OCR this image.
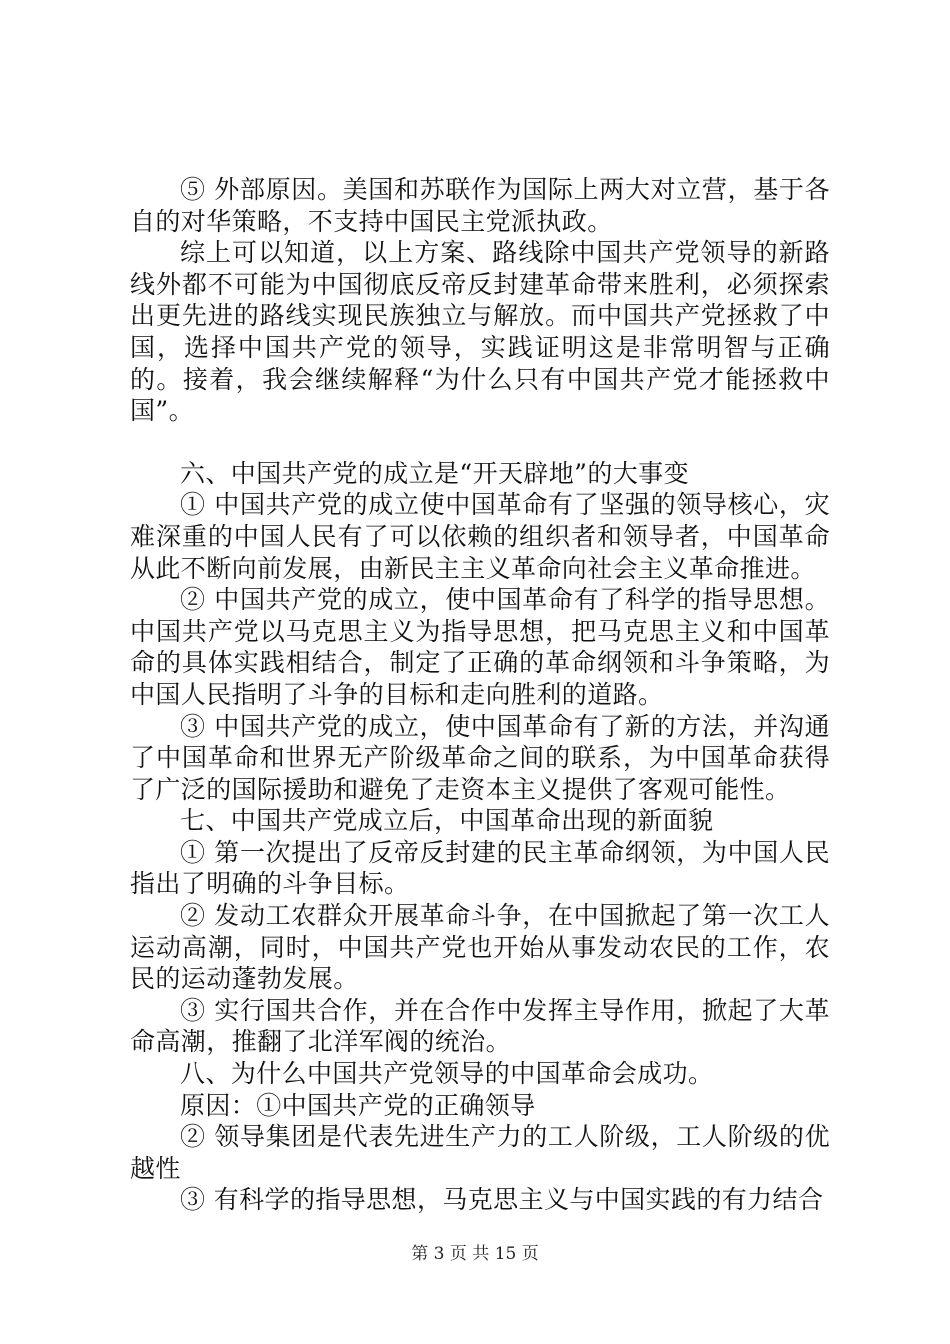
⑤ 外部原因。美国和苏联作为国际上两大对立营，基于各自的对华策略，不支持中国民主党派执政。

综上可以知道，以上方案、路线除中国共产党领导的新路线外都不可能为中国彻底反帝反封建革命带来胜利，必须探索出更先进的路线实现民族独立与解放。而中国共产党拯救了中国，选择中国共产党的领导，实践证明这是非常明智与正确的。接着，我会继续解释“为什么只有中国共产党才能拯救中国”。

六、中国共产党的成立是“开天辟地”的大事变

① 中国共产党的成立使中国革命有了坚强的领导核心，灾难深重的中国人民有了可以依赖的组织者和领导者，中国革命从此不断向前发展，由新民主主义革命向社会主义革命推进。

② 中国共产党的成立，使中国革命有了科学的指导思想。中国共产党以马克思主义为指导思想，把马克思主义和中国革命的具体实践相结合，制定了正确的革命纲领和斗争策略，为中国人民指明了斗争的目标和走向胜利的道路。

③ 中国共产党的成立，使中国革命有了新的方法，并沟通了中国革命和世界无产阶级革命之间的联系，为中国革命获得了广泛的国际援助和避免了走资本主义提供了客观可能性。

七、中国共产党成立后，中国革命出现的新面貌

① 第一次提出了反帝反封建的民主革命纲领，为中国人民指出了明确的斗争目标。

② 发动工农群众开展革命斗争，在中国掀起了第一次工人运动高潮，同时，中国共产党也开始从事发动农民的工作，农民的运动蓬勃发展。

③ 实行国共合作，并在合作中发挥主导作用，掀起了大革命高潮，推翻了北洋军阀的统治。

八、为什么中国共产党领导的中国革命会成功。

原因：①中国共产党的正确领导

② 领导集团是代表先进生产力的工人阶级，工人阶级的优越性

③ 有科学的指导思想，马克思主义与中国实践的有力结合

第 3 页 共 15 页
